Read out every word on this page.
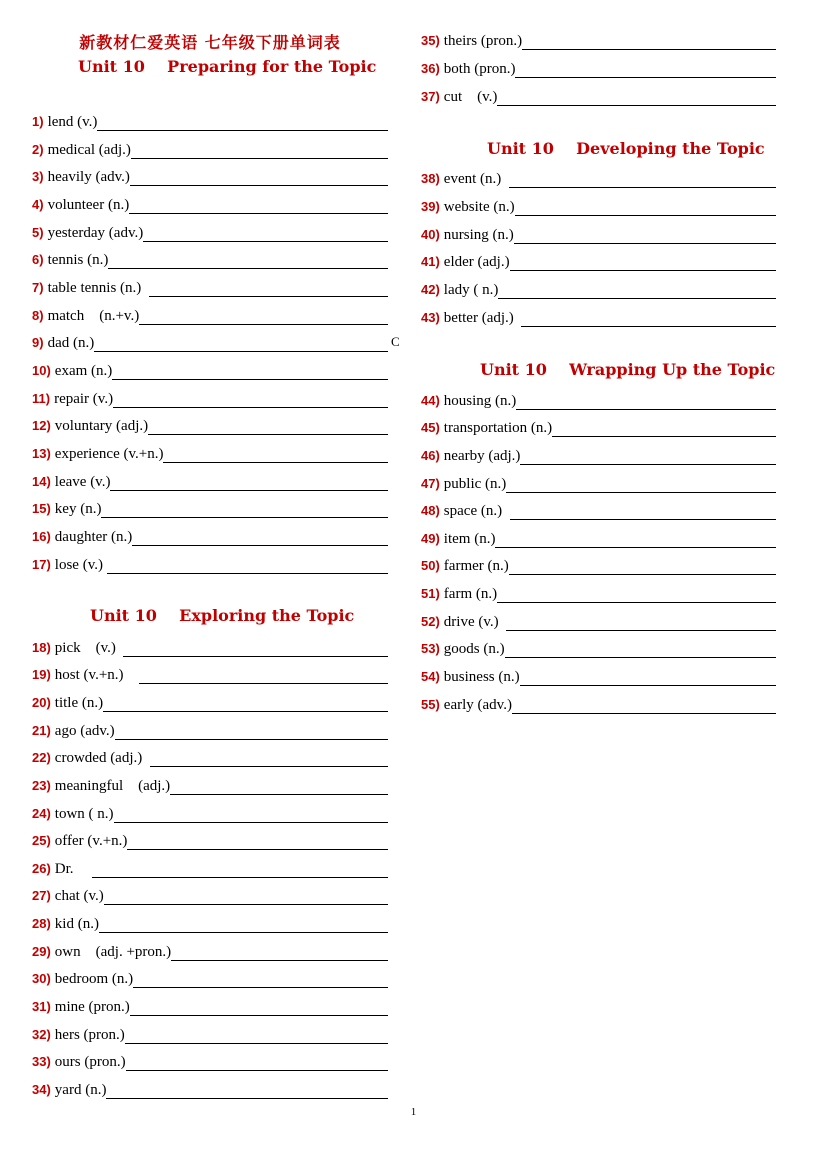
新教材仁爱英语 七年级下册单词表
Unit 10    Preparing for the Topic
Unit 10    Exploring the Topic
Unit 10    Developing the Topic
Unit 10    Wrapping Up the Topic
1) lend (v.)
2) medical (adj.)
3) heavily (adv.)
4) volunteer (n.)
5) yesterday (adv.)
6) tennis (n.)
7) table tennis (n.)
8) match    (n.+v.)
9) dad (n.)	C
10) exam (n.)
11) repair (v.)
12) voluntary (adj.)
13) experience (v.+n.)
14) leave (v.)
15) key (n.)
16) daughter (n.)
17) lose (v.)
18) pick    (v.)
19) host (v.+n.)
20) title (n.)
21) ago (adv.)
22) crowded (adj.)
23) meaningful    (adj.)
24) town ( n.)
25) offer (v.+n.)
26) Dr.
27) chat (v.)
28) kid (n.)
29) own    (adj. +pron.)
30) bedroom (n.)
31) mine (pron.)
32) hers (pron.)
33) ours (pron.)
34) yard (n.)
35) theirs (pron.)
36) both (pron.)
37) cut    (v.)
38) event (n.)
39) website (n.)
40) nursing (n.)
41) elder (adj.)
42) lady ( n.)
43) better (adj.)
44) housing (n.)
45) transportation (n.)
46) nearby (adj.)
47) public (n.)
48) space (n.)
49) item (n.)
50) farmer (n.)
51) farm (n.)
52) drive (v.)
53) goods (n.)
54) business (n.)
55) early (adv.)
1
